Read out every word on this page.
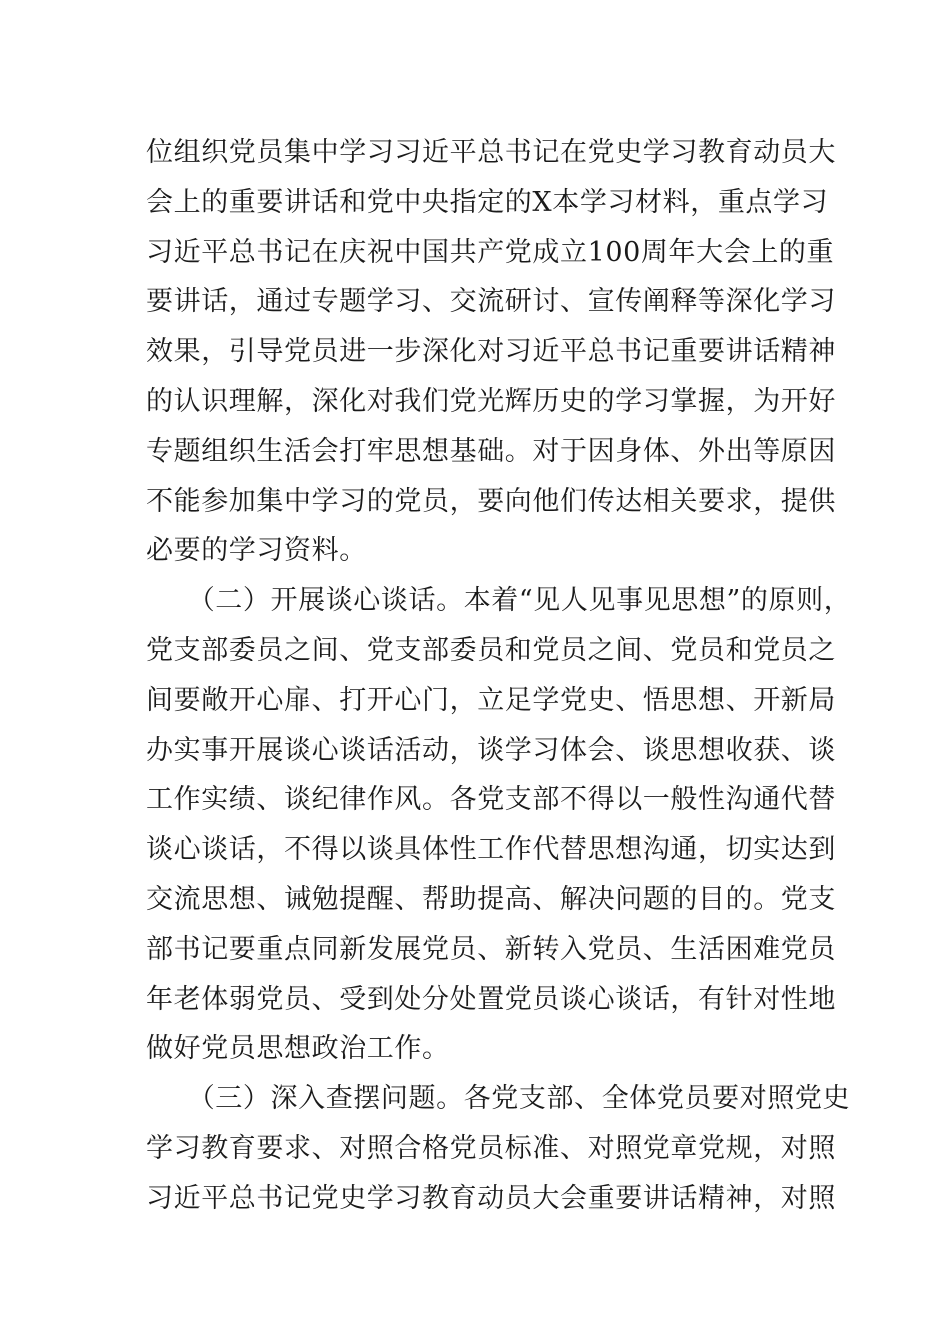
位组织党员集中学习习近平总书记在党史学习教育动员大
会上的重要讲话和党中央指定的X本学习材料，重点学习
习近平总书记在庆祝中国共产党成立100周年大会上的重
要讲话，通过专题学习、交流研讨、宣传阐释等深化学习
效果，引导党员进一步深化对习近平总书记重要讲话精神
的认识理解，深化对我们党光辉历史的学习掌握，为开好
专题组织生活会打牢思想基础。对于因身体、外出等原因
不能参加集中学习的党员，要向他们传达相关要求，提供
必要的学习资料。
　　（二）开展谈心谈话。本着“见人见事见思想”的原则，
党支部委员之间、党支部委员和党员之间、党员和党员之
间要敞开心扉、打开心门，立足学党史、悟思想、开新局
办实事开展谈心谈话活动，谈学习体会、谈思想收获、谈
工作实绩、谈纪律作风。各党支部不得以一般性沟通代替
谈心谈话，不得以谈具体性工作代替思想沟通，切实达到
交流思想、诫勉提醒、帮助提高、解决问题的目的。党支
部书记要重点同新发展党员、新转入党员、生活困难党员
年老体弱党员、受到处分处置党员谈心谈话，有针对性地
做好党员思想政治工作。
　　（三）深入查摆问题。各党支部、全体党员要对照党史
学习教育要求、对照合格党员标准、对照党章党规，对照
习近平总书记党史学习教育动员大会重要讲话精神，对照
